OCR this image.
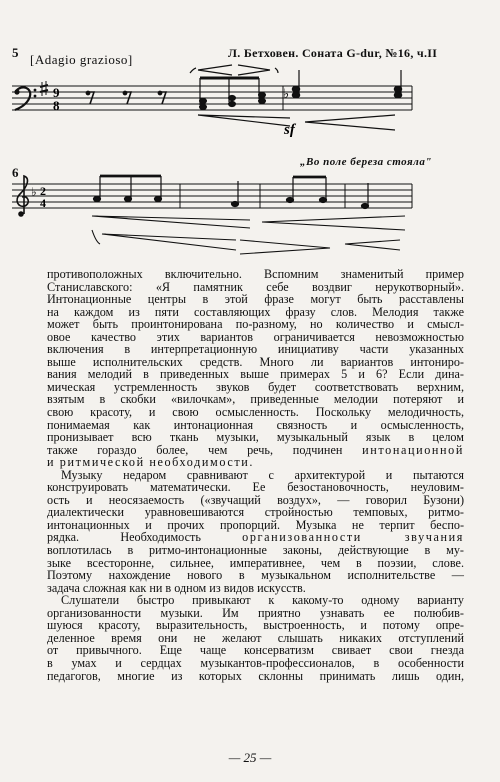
5 [Adagio grazioso]	Л. Бетховен. Соната G-dur, №16, ч.II
9
8
♭
sf
6
„Во поле береза стояла"
♭ 2
4

противоположных включительно. Вспомним знаменитый пример
Станиславского: «Я памятник себе воздвиг нерукотворный».
Интонационные центры в этой фразе могут быть расставлены
на каждом из пяти составляющих фразу слов. Мелодия также
может быть проинтонирована по-разному, но количество и смысл-
овое качество этих вариантов ограничивается невозможностью
включения в интерпретационную инициативу части указанных
выше исполнительских средств. Много ли вариантов интониро-
вания мелодий в приведенных выше примерах 5 и 6? Если дина-
мическая устремленность звуков будет соответствовать верхним,
взятым в скобки «вилочкам», приведенные мелодии потеряют и
свою красоту, и свою осмысленность. Поскольку мелодичность,
понимаемая как интонационная связность и осмысленность,
пронизывает всю ткань музыки, музыкальный язык в целом
также гораздо более, чем речь, подчинен интонационной
и ритмической необходимости.

Музыку недаром сравнивают с архитектурой и пытаются
конструировать математически. Ее безостановочность, неуловим-
ость и неосязаемость («звучащий воздух», — говорил Бузони)
диалектически уравновешиваются стройностью темповых, ритмо-
интонационных и прочих пропорций. Музыка не терпит беспо-
рядка. Необходимость	организованности звучания
воплотилась в ритмо-интонационные законы, действующие в му-
зыке всесторонне, сильнее, императивнее, чем в поэзии, слове.
Поэтому нахождение нового в музыкальном исполнительстве —
задача сложная как ни в одном из видов искусств.

Слушатели быстро привыкают к какому-то одному варианту
организованности музыки. Им приятно узнавать ее полюбив-
шуюся красоту, выразительность, выстроенность, и потому опре-
деленное время они не желают слышать никаких отступлений
от привычного. Еще чаще консерватизм свивает свои гнезда
в умах и сердцах музыкантов-профессионалов, в особенности
педагогов, многие из которых склонны принимать лишь один,

— 25 —
